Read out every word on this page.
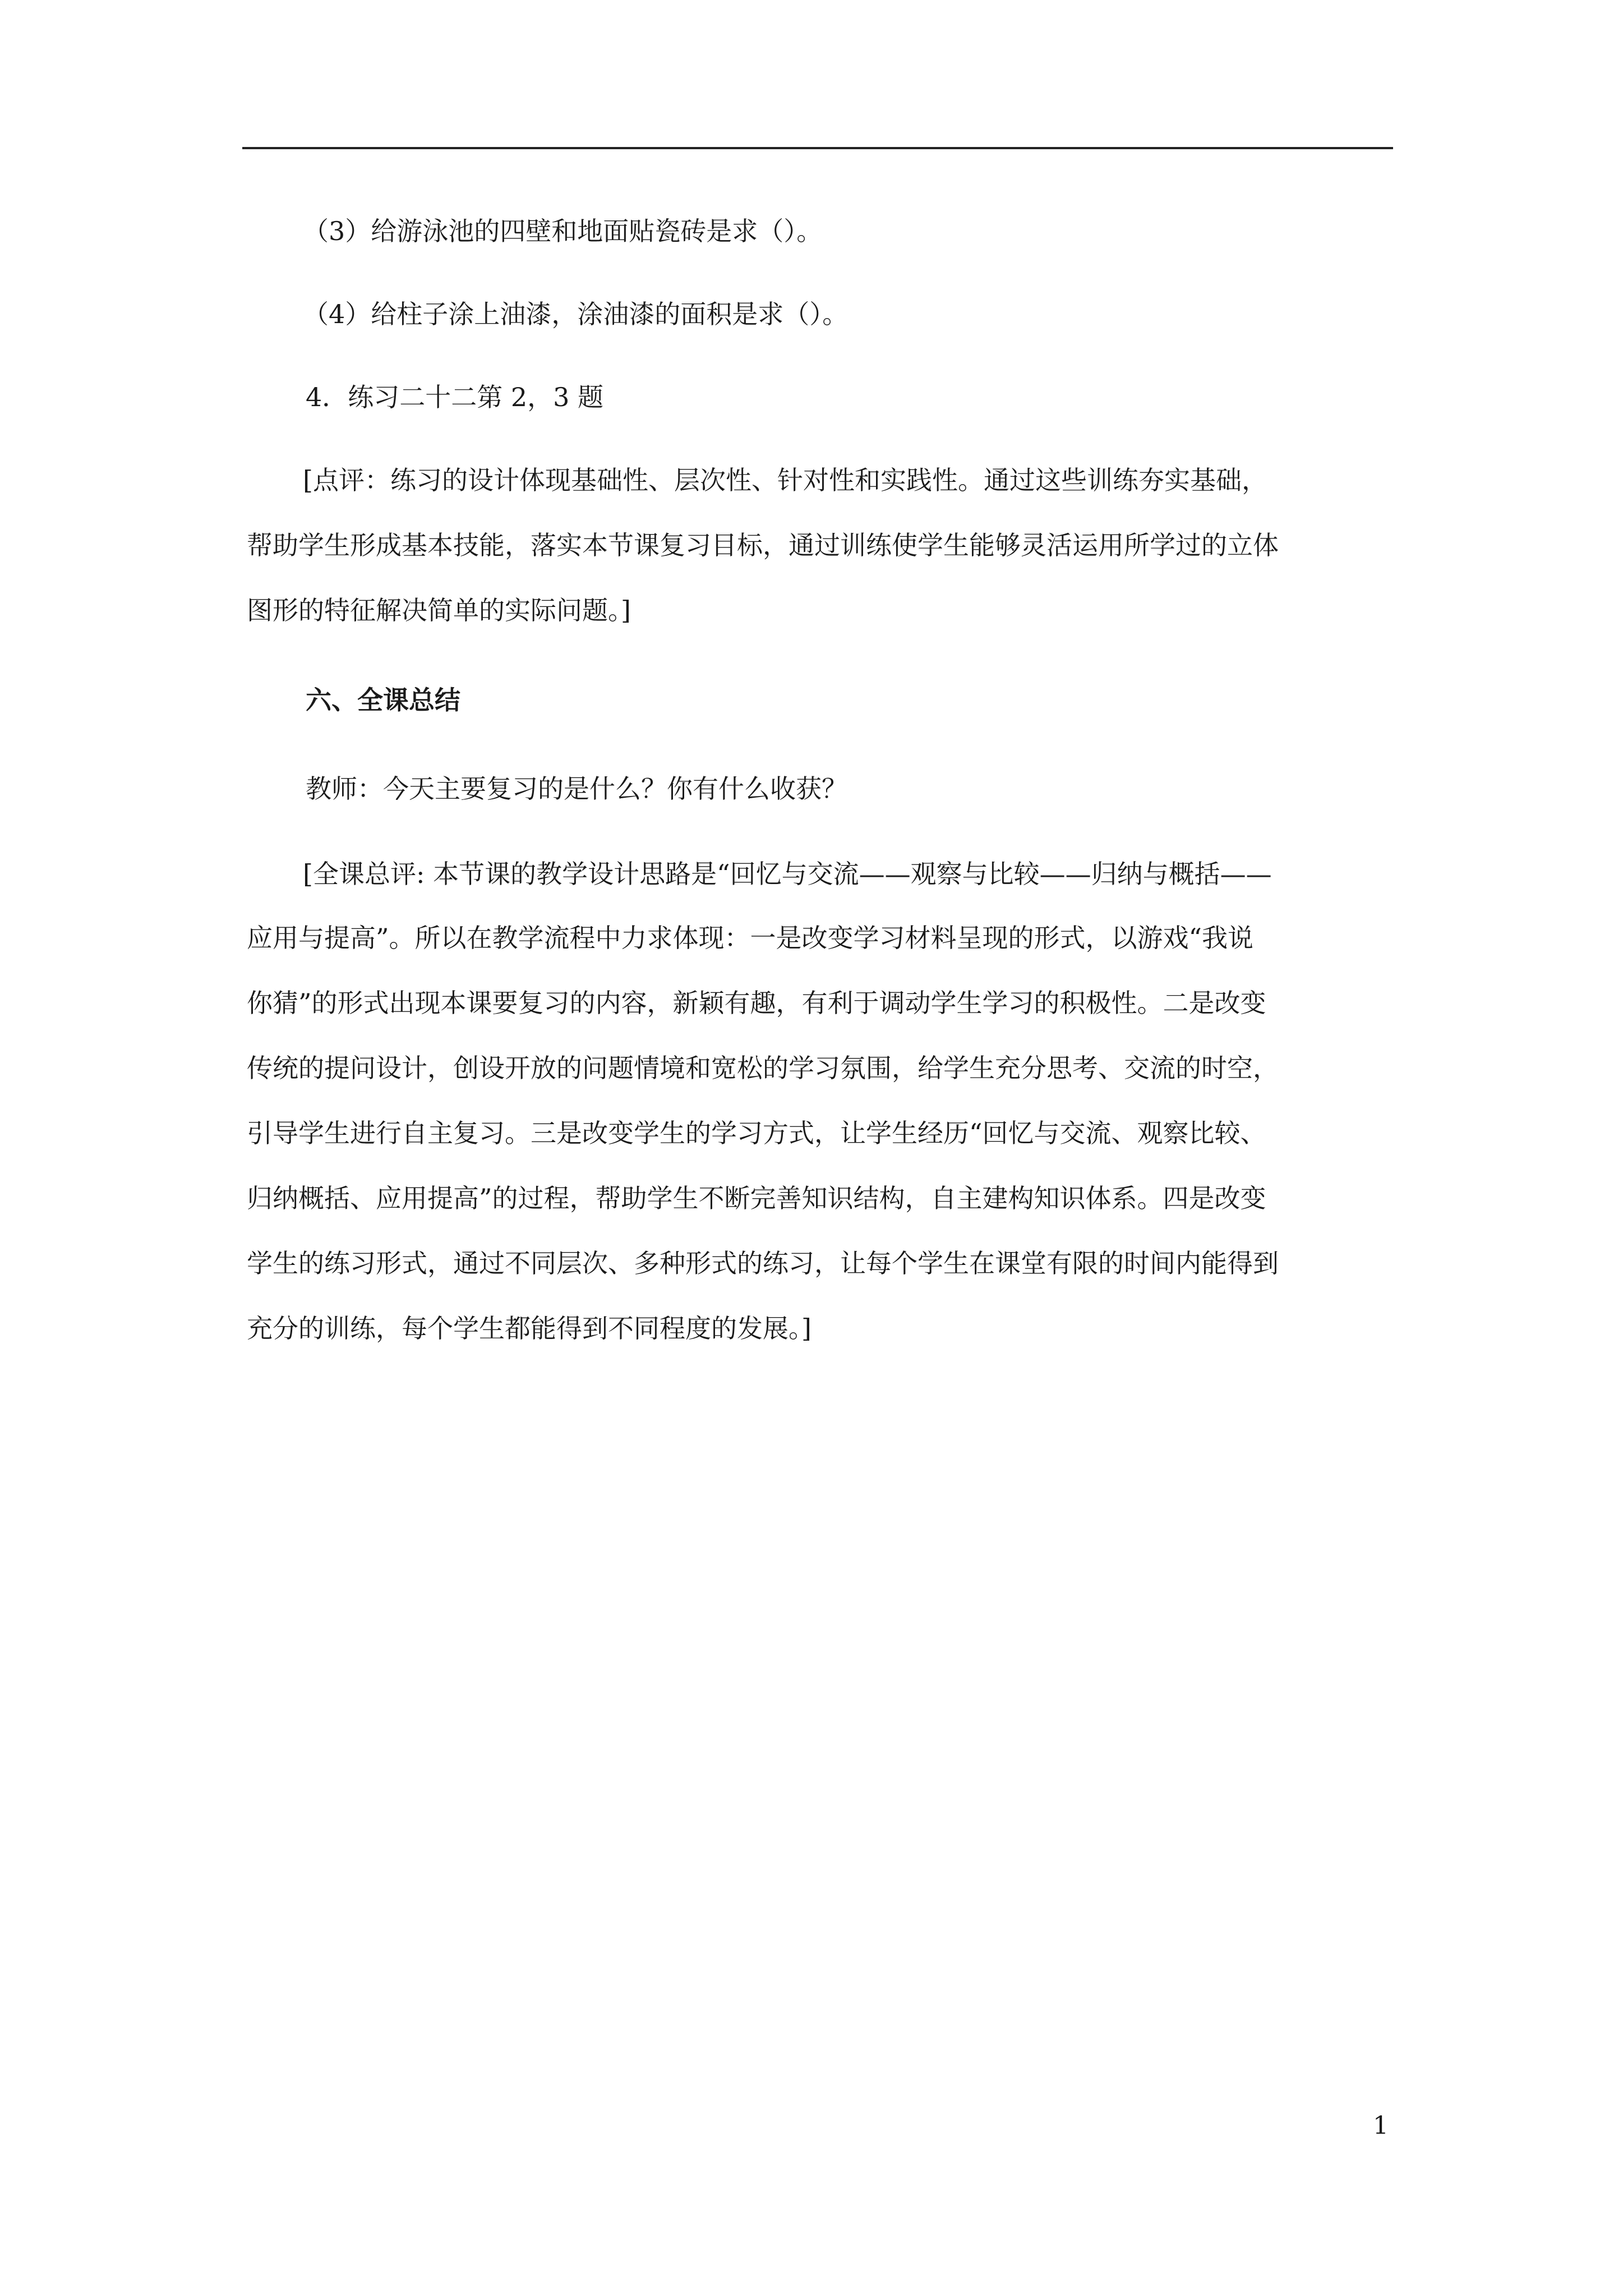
（3）给游泳池的四壁和地面贴瓷砖是求（）。
（4）给柱子涂上油漆，涂油漆的面积是求（）。
4．练习二十二第 2，3 题
[点评：练习的设计体现基础性、层次性、针对性和实践性。通过这些训练夯实基础，
帮助学生形成基本技能，落实本节课复习目标，通过训练使学生能够灵活运用所学过的立体
图形的特征解决简单的实际问题。]
六、全课总结
教师：今天主要复习的是什么？你有什么收获？
[全课总评: 本节课的教学设计思路是“回忆与交流——观察与比较——归纳与概括——
应用与提高”。所以在教学流程中力求体现：一是改变学习材料呈现的形式，以游戏“我说
你猜”的形式出现本课要复习的内容，新颖有趣，有利于调动学生学习的积极性。二是改变
传统的提问设计，创设开放的问题情境和宽松的学习氛围，给学生充分思考、交流的时空，
引导学生进行自主复习。三是改变学生的学习方式，让学生经历“回忆与交流、观察比较、
归纳概括、应用提高”的过程，帮助学生不断完善知识结构，自主建构知识体系。四是改变
学生的练习形式，通过不同层次、多种形式的练习，让每个学生在课堂有限的时间内能得到
充分的训练，每个学生都能得到不同程度的发展。]
1
